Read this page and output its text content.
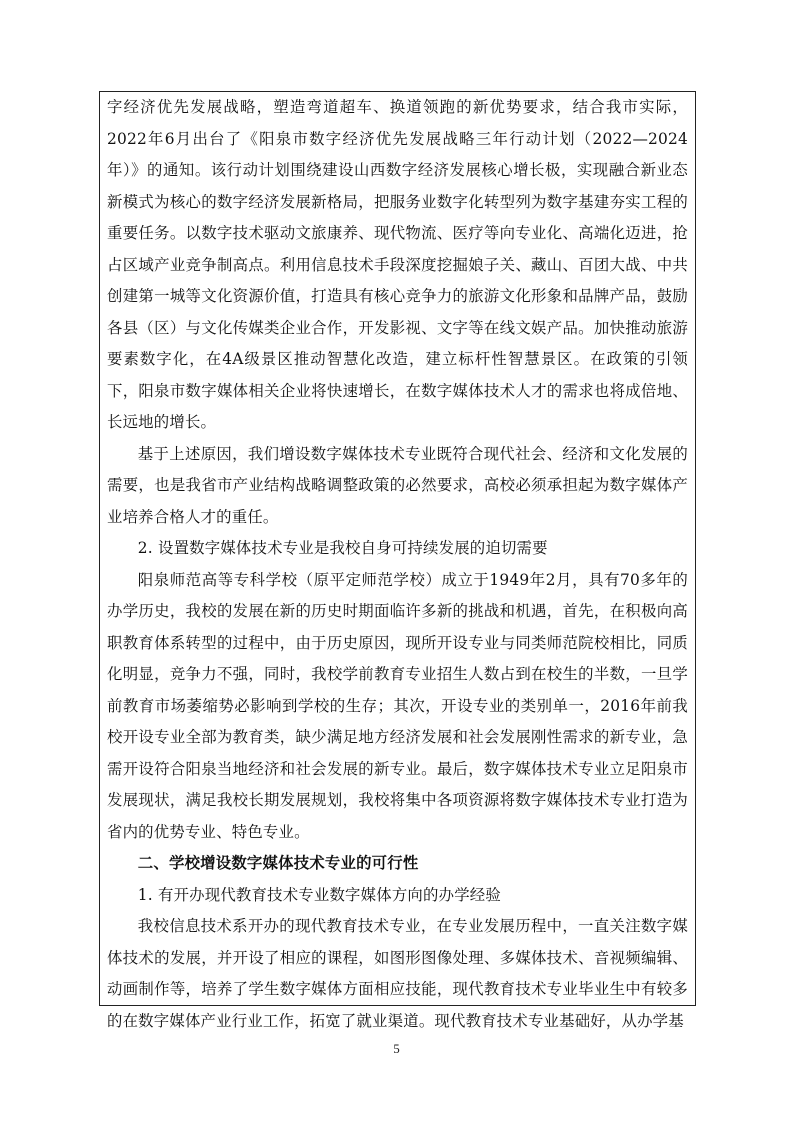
字经济优先发展战略，塑造弯道超车、换道领跑的新优势要求，结合我市实际，2022年6月出台了《阳泉市数字经济优先发展战略三年行动计划（2022—2024年）》的通知。该行动计划围绕建设山西数字经济发展核心增长极，实现融合新业态新模式为核心的数字经济发展新格局，把服务业数字化转型列为数字基建夯实工程的重要任务。以数字技术驱动文旅康养、现代物流、医疗等向专业化、高端化迈进，抢占区域产业竞争制高点。利用信息技术手段深度挖掘娘子关、藏山、百团大战、中共创建第一城等文化资源价值，打造具有核心竞争力的旅游文化形象和品牌产品，鼓励各县（区）与文化传媒类企业合作，开发影视、文字等在线文娱产品。加快推动旅游要素数字化，在4A级景区推动智慧化改造，建立标杆性智慧景区。在政策的引领下，阳泉市数字媒体相关企业将快速增长，在数字媒体技术人才的需求也将成倍地、长远地的增长。

基于上述原因，我们增设数字媒体技术专业既符合现代社会、经济和文化发展的需要，也是我省市产业结构战略调整政策的必然要求，高校必须承担起为数字媒体产业培养合格人才的重任。

2. 设置数字媒体技术专业是我校自身可持续发展的迫切需要

阳泉师范高等专科学校（原平定师范学校）成立于1949年2月，具有70多年的办学历史，我校的发展在新的历史时期面临许多新的挑战和机遇，首先，在积极向高职教育体系转型的过程中，由于历史原因，现所开设专业与同类师范院校相比，同质化明显，竞争力不强，同时，我校学前教育专业招生人数占到在校生的半数，一旦学前教育市场萎缩势必影响到学校的生存；其次，开设专业的类别单一，2016年前我校开设专业全部为教育类，缺少满足地方经济发展和社会发展刚性需求的新专业，急需开设符合阳泉当地经济和社会发展的新专业。最后，数字媒体技术专业立足阳泉市发展现状，满足我校长期发展规划，我校将集中各项资源将数字媒体技术专业打造为省内的优势专业、特色专业。

二、学校增设数字媒体技术专业的可行性

1. 有开办现代教育技术专业数字媒体方向的办学经验

我校信息技术系开办的现代教育技术专业，在专业发展历程中，一直关注数字媒体技术的发展，并开设了相应的课程，如图形图像处理、多媒体技术、音视频编辑、动画制作等，培养了学生数字媒体方面相应技能，现代教育技术专业毕业生中有较多的在数字媒体产业行业工作，拓宽了就业渠道。现代教育技术专业基础好，从办学基

5
